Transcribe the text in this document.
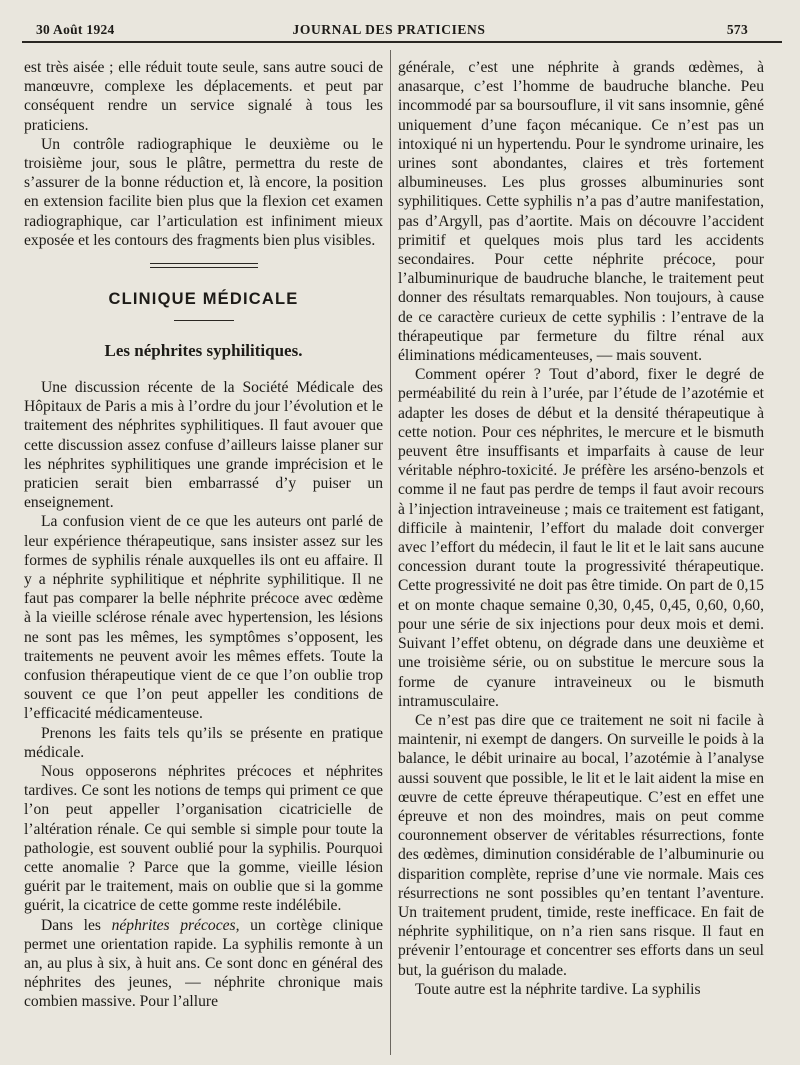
30 Août 1924	JOURNAL DES PRATICIENS	573

est très aisée ; elle réduit toute seule, sans autre souci de manœuvre, complexe les déplacements. et peut par conséquent rendre un service signalé à tous les praticiens.

Un contrôle radiographique le deuxième ou le troisième jour, sous le plâtre, permettra du reste de s’assurer de la bonne réduction et, là encore, la position en extension facilite bien plus que la flexion cet examen radiographique, car l’articulation est infiniment mieux exposée et les contours des fragments bien plus visibles.

CLINIQUE MÉDICALE
Les néphrites syphilitiques.

Une discussion récente de la Société Médicale des Hôpitaux de Paris a mis à l’ordre du jour l’évolution et le traitement des néphrites syphilitiques. Il faut avouer que cette discussion assez confuse d’ailleurs laisse planer sur les néphrites syphilitiques une grande imprécision et le praticien serait bien embarrassé d’y puiser un enseignement.

La confusion vient de ce que les auteurs ont parlé de leur expérience thérapeutique, sans insister assez sur les formes de syphilis rénale auxquelles ils ont eu affaire. Il y a néphrite syphilitique et néphrite syphilitique. Il ne faut pas comparer la belle néphrite précoce avec œdème à la vieille sclérose rénale avec hypertension, les lésions ne sont pas les mêmes, les symptômes s’opposent, les traitements ne peuvent avoir les mêmes effets. Toute la confusion thérapeutique vient de ce que l’on oublie trop souvent ce que l’on peut appeller les conditions de l’efficacité médicamenteuse.

Prenons les faits tels qu’ils se présente en pratique médicale.

Nous opposerons néphrites précoces et néphrites tardives. Ce sont les notions de temps qui priment ce que l’on peut appeller l’organisation cicatricielle de l’altération rénale. Ce qui semble si simple pour toute la pathologie, est souvent oublié pour la syphilis. Pourquoi cette anomalie ? Parce que la gomme, vieille lésion guérit par le traitement, mais on oublie que si la gomme guérit, la cicatrice de cette gomme reste indélébile.

Dans les néphrites précoces, un cortège clinique permet une orientation rapide. La syphilis remonte à un an, au plus à six, à huit ans. Ce sont donc en général des néphrites des jeunes, — néphrite chronique mais combien massive. Pour l’allure

générale, c’est une néphrite à grands œdèmes, à anasarque, c’est l’homme de baudruche blanche. Peu incommodé par sa boursouflure, il vit sans insomnie, gêné uniquement d’une façon mécanique. Ce n’est pas un intoxiqué ni un hypertendu. Pour le syndrome urinaire, les urines sont abondantes, claires et très fortement albumineuses. Les plus grosses albuminuries sont syphilitiques. Cette syphilis n’a pas d’autre manifestation, pas d’Argyll, pas d’aortite. Mais on découvre l’accident primitif et quelques mois plus tard les accidents secondaires. Pour cette néphrite précoce, pour l’albuminurique de baudruche blanche, le traitement peut donner des résultats remarquables. Non toujours, à cause de ce caractère curieux de cette syphilis : l’entrave de la thérapeutique par fermeture du filtre rénal aux éliminations médicamenteuses, — mais souvent.

Comment opérer ? Tout d’abord, fixer le degré de perméabilité du rein à l’urée, par l’étude de l’azotémie et adapter les doses de début et la densité thérapeutique à cette notion. Pour ces néphrites, le mercure et le bismuth peuvent être insuffisants et imparfaits à cause de leur véritable néphro-toxicité. Je préfère les arséno-benzols et comme il ne faut pas perdre de temps il faut avoir recours à l’injection intraveineuse ; mais ce traitement est fatigant, difficile à maintenir, l’effort du malade doit converger avec l’effort du médecin, il faut le lit et le lait sans aucune concession durant toute la progressivité thérapeutique. Cette progressivité ne doit pas être timide. On part de 0,15 et on monte chaque semaine 0,30, 0,45, 0,45, 0,60, 0,60, pour une série de six injections pour deux mois et demi. Suivant l’effet obtenu, on dégrade dans une deuxième et une troisième série, ou on substitue le mercure sous la forme de cyanure intraveineux ou le bismuth intramusculaire.

Ce n’est pas dire que ce traitement ne soit ni facile à maintenir, ni exempt de dangers. On surveille le poids à la balance, le débit urinaire au bocal, l’azotémie à l’analyse aussi souvent que possible, le lit et le lait aident la mise en œuvre de cette épreuve thérapeutique. C’est en effet une épreuve et non des moindres, mais on peut comme couronnement observer de véritables résurrections, fonte des œdèmes, diminution considérable de l’albuminurie ou disparition complète, reprise d’une vie normale. Mais ces résurrections ne sont possibles qu’en tentant l’aventure. Un traitement prudent, timide, reste inefficace. En fait de néphrite syphilitique, on n’a rien sans risque. Il faut en prévenir l’entourage et concentrer ses efforts dans un seul but, la guérison du malade.

Toute autre est la néphrite tardive. La syphilis
